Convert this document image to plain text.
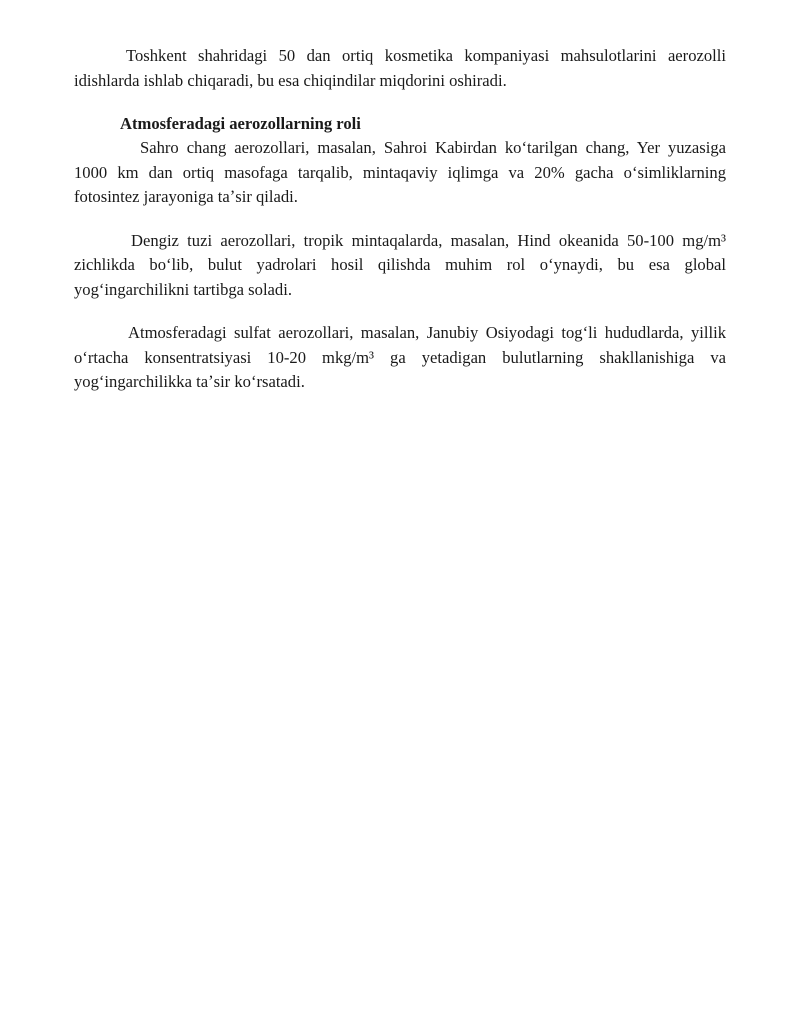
Toshkent shahridagi 50 dan ortiq kosmetika kompaniyasi mahsulotlarini aerozolli idishlarda ishlab chiqaradi, bu esa chiqindilar miqdorini oshiradi.

Atmosferadagi aerozollarning roli

Sahro chang aerozollari, masalan, Sahroi Kabirdan koʻtarilgan chang, Yer yuzasiga 1000 km dan ortiq masofaga tarqalib, mintaqaviy iqlimga va 20% gacha oʻsimliklarning fotosintez jarayoniga taʼsir qiladi.

Dengiz tuzi aerozollari, tropik mintaqalarda, masalan, Hind okeanida 50-100 mg/m³ zichlikda boʻlib, bulut yadrolari hosil qilishda muhim rol oʻynaydi, bu esa global yogʻingarchilikni tartibga soladi.

Atmosferadagi sulfat aerozollari, masalan, Janubiy Osiyodagi togʻli hududlarda, yillik oʻrtacha konsentratsiyasi 10-20 mkg/m³ ga yetadigan bulutlarning shakllanishiga va yogʻingarchilikka taʼsir koʻrsatadi.
